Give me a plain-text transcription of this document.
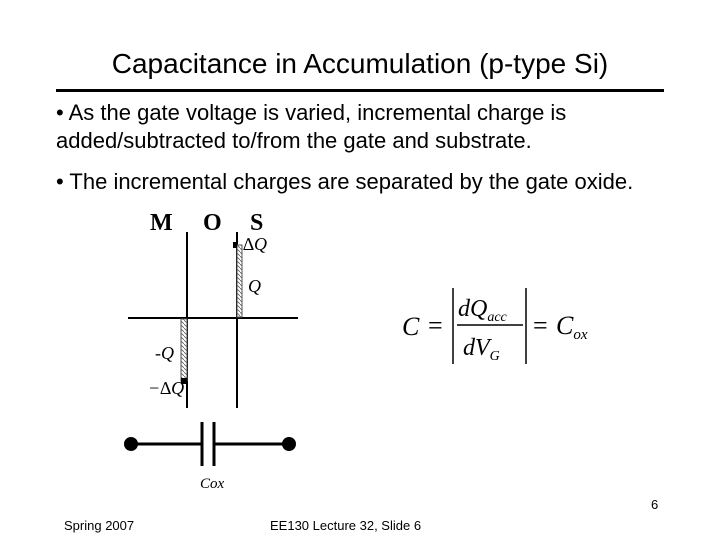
Capacitance in Accumulation (p-type Si)
• As the gate voltage is varied, incremental charge is added/subtracted to/from the gate and substrate.
• The incremental charges are separated by the gate oxide.
M O S
∆Q
Q
-Q
−∆Q
Cox
C =
$dQ_{acc}$
$dV_G$
= Cox
Spring 2007	EE130 Lecture 32, Slide 6
6
